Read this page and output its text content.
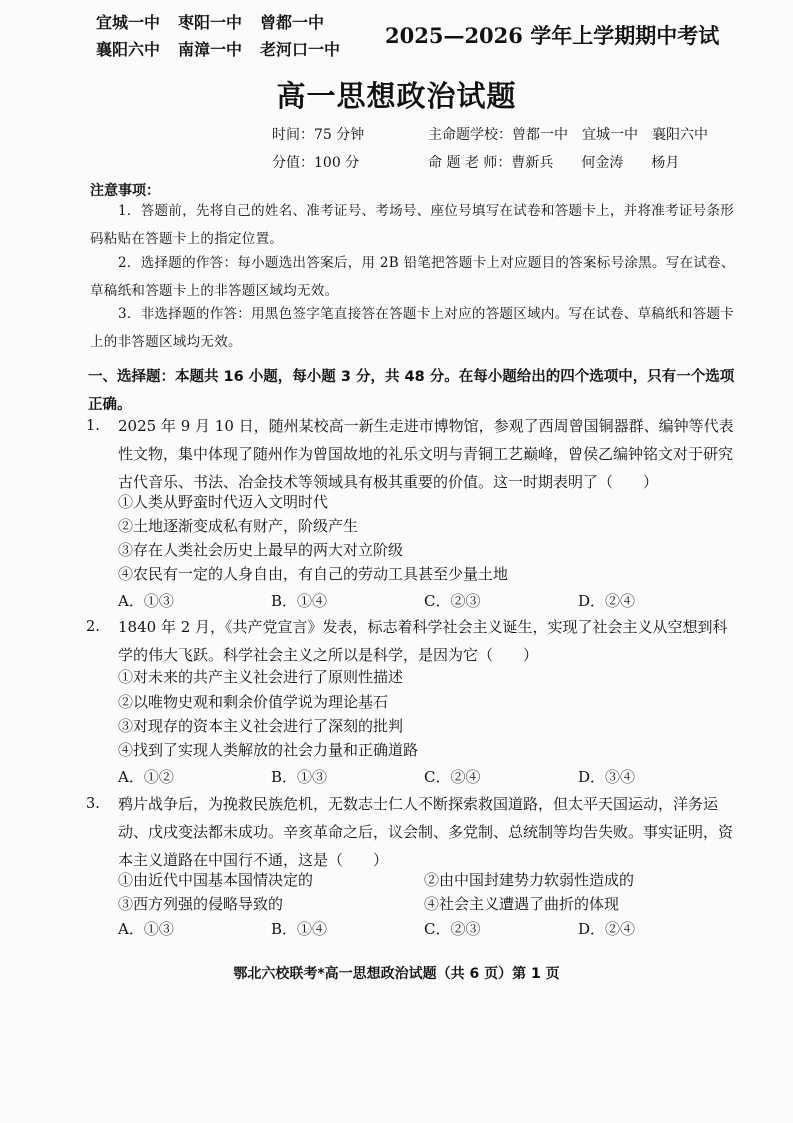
宜城一中 枣阳一中 曾都一中
襄阳六中 南漳一中 老河口一中
2025—2026 学年上学期期中考试
高一思想政治试题
时间：75 分钟
分值：100 分
主命题学校：曾都一中　宜城一中　襄阳六中
命 题 老 师：曹新兵　　何金涛　　杨月
注意事项：
1．答题前，先将自己的姓名、准考证号、考场号、座位号填写在试卷和答题卡上，并将准考证号条形码粘贴在答题卡上的指定位置。
2．选择题的作答：每小题选出答案后，用 2B 铅笔把答题卡上对应题目的答案标号涂黑。写在试卷、草稿纸和答题卡上的非答题区域均无效。
3．非选择题的作答：用黑色签字笔直接答在答题卡上对应的答题区域内。写在试卷、草稿纸和答题卡上的非答题区域均无效。
一、选择题：本题共 16 小题，每小题 3 分，共 48 分。在每小题给出的四个选项中，只有一个选项正确。
1. 2025 年 9 月 10 日，随州某校高一新生走进市博物馆，参观了西周曾国铜器群、编钟等代表性文物，集中体现了随州作为曾国故地的礼乐文明与青铜工艺巅峰，曾侯乙编钟铭文对于研究古代音乐、书法、冶金技术等领域具有极其重要的价值。这一时期表明了（　　）
①人类从野蛮时代迈入文明时代
②土地逐渐变成私有财产，阶级产生
③存在人类社会历史上最早的两大对立阶级
④农民有一定的人身自由，有自己的劳动工具甚至少量土地
A．①③	B．①④	C．②③	D．②④
2. 1840 年 2 月，《共产党宣言》发表，标志着科学社会主义诞生，实现了社会主义从空想到科学的伟大飞跃。科学社会主义之所以是科学，是因为它（　　）
①对未来的共产主义社会进行了原则性描述
②以唯物史观和剩余价值学说为理论基石
③对现存的资本主义社会进行了深刻的批判
④找到了实现人类解放的社会力量和正确道路
A．①②	B．①③	C．②④	D．③④
3. 鸦片战争后，为挽救民族危机，无数志士仁人不断探索救国道路，但太平天国运动，洋务运动、戊戌变法都未成功。辛亥革命之后，议会制、多党制、总统制等均告失败。事实证明，资本主义道路在中国行不通，这是（　　）
①由近代中国基本国情决定的	②由中国封建势力软弱性造成的
③西方列强的侵略导致的	④社会主义遭遇了曲折的体现
A．①③	B．①④	C．②③	D．②④
鄂北六校联考*高一思想政治试题（共 6 页）第 1 页
